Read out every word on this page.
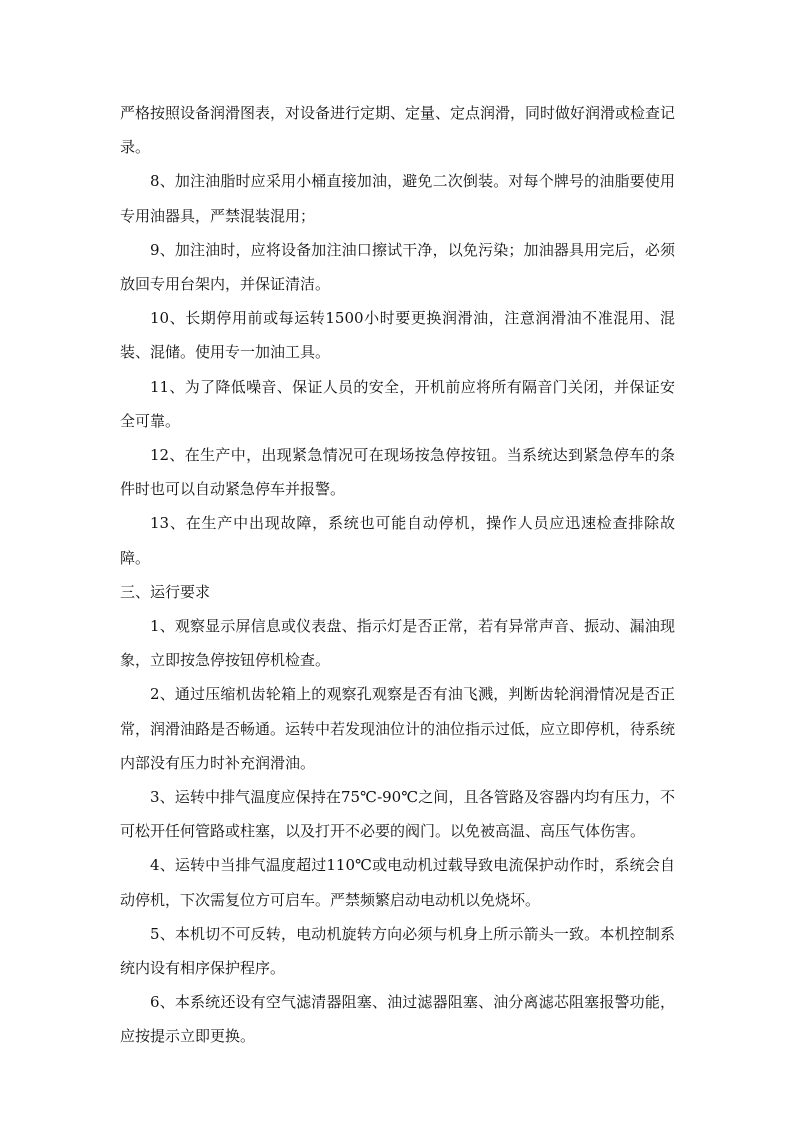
严格按照设备润滑图表，对设备进行定期、定量、定点润滑，同时做好润滑或检查记录。

8、加注油脂时应采用小桶直接加油，避免二次倒装。对每个牌号的油脂要使用专用油器具，严禁混装混用；

9、加注油时，应将设备加注油口擦试干净，以免污染；加油器具用完后，必须放回专用台架内，并保证清洁。

10、长期停用前或每运转1500小时要更换润滑油，注意润滑油不准混用、混装、混储。使用专一加油工具。

11、为了降低噪音、保证人员的安全，开机前应将所有隔音门关闭，并保证安全可靠。

12、在生产中，出现紧急情况可在现场按急停按钮。当系统达到紧急停车的条件时也可以自动紧急停车并报警。

13、在生产中出现故障，系统也可能自动停机，操作人员应迅速检查排除故障。

三、运行要求

1、观察显示屏信息或仪表盘、指示灯是否正常，若有异常声音、振动、漏油现象，立即按急停按钮停机检查。

2、通过压缩机齿轮箱上的观察孔观察是否有油飞溅，判断齿轮润滑情况是否正常，润滑油路是否畅通。运转中若发现油位计的油位指示过低，应立即停机，待系统内部没有压力时补充润滑油。

3、运转中排气温度应保持在75℃-90℃之间，且各管路及容器内均有压力，不可松开任何管路或柱塞，以及打开不必要的阀门。以免被高温、高压气体伤害。

4、运转中当排气温度超过110℃或电动机过载导致电流保护动作时，系统会自动停机，下次需复位方可启车。严禁频繁启动电动机以免烧坏。

5、本机切不可反转，电动机旋转方向必须与机身上所示箭头一致。本机控制系统内设有相序保护程序。

6、本系统还设有空气滤清器阻塞、油过滤器阻塞、油分离滤芯阻塞报警功能，应按提示立即更换。
